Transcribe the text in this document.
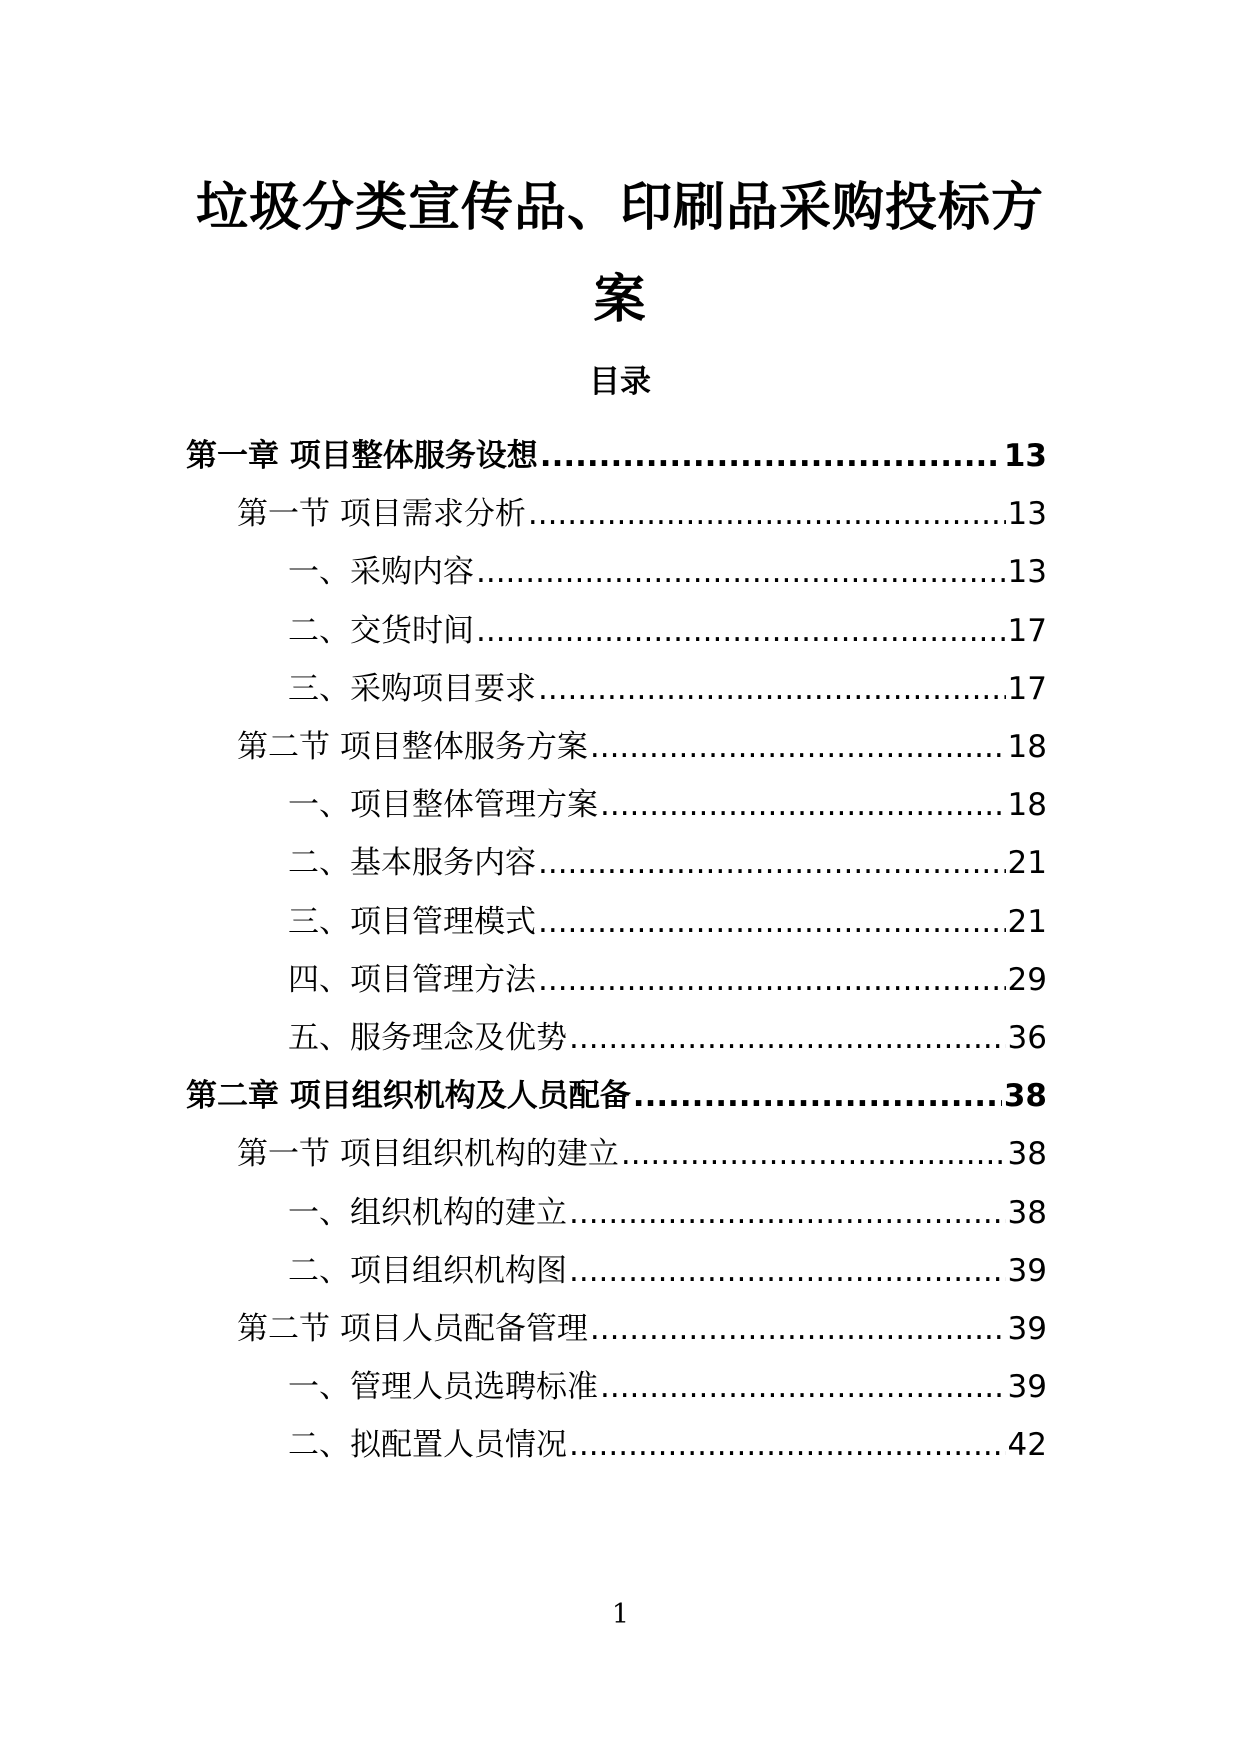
垃圾分类宣传品、印刷品采购投标方案
目录
第一章 项目整体服务设想 .....	13
第一节 项目需求分析 .....	13
一、采购内容 .....	13
二、交货时间 .....	17
三、采购项目要求 .....	17
第二节 项目整体服务方案 .....	18
一、项目整体管理方案 .....	18
二、基本服务内容 .....	21
三、项目管理模式 .....	21
四、项目管理方法 .....	29
五、服务理念及优势 .....	36
第二章 项目组织机构及人员配备 .....	38
第一节 项目组织机构的建立 .....	38
一、组织机构的建立 .....	38
二、项目组织机构图 .....	39
第二节 项目人员配备管理 .....	39
一、管理人员选聘标准 .....	39
二、拟配置人员情况 .....	42
1
